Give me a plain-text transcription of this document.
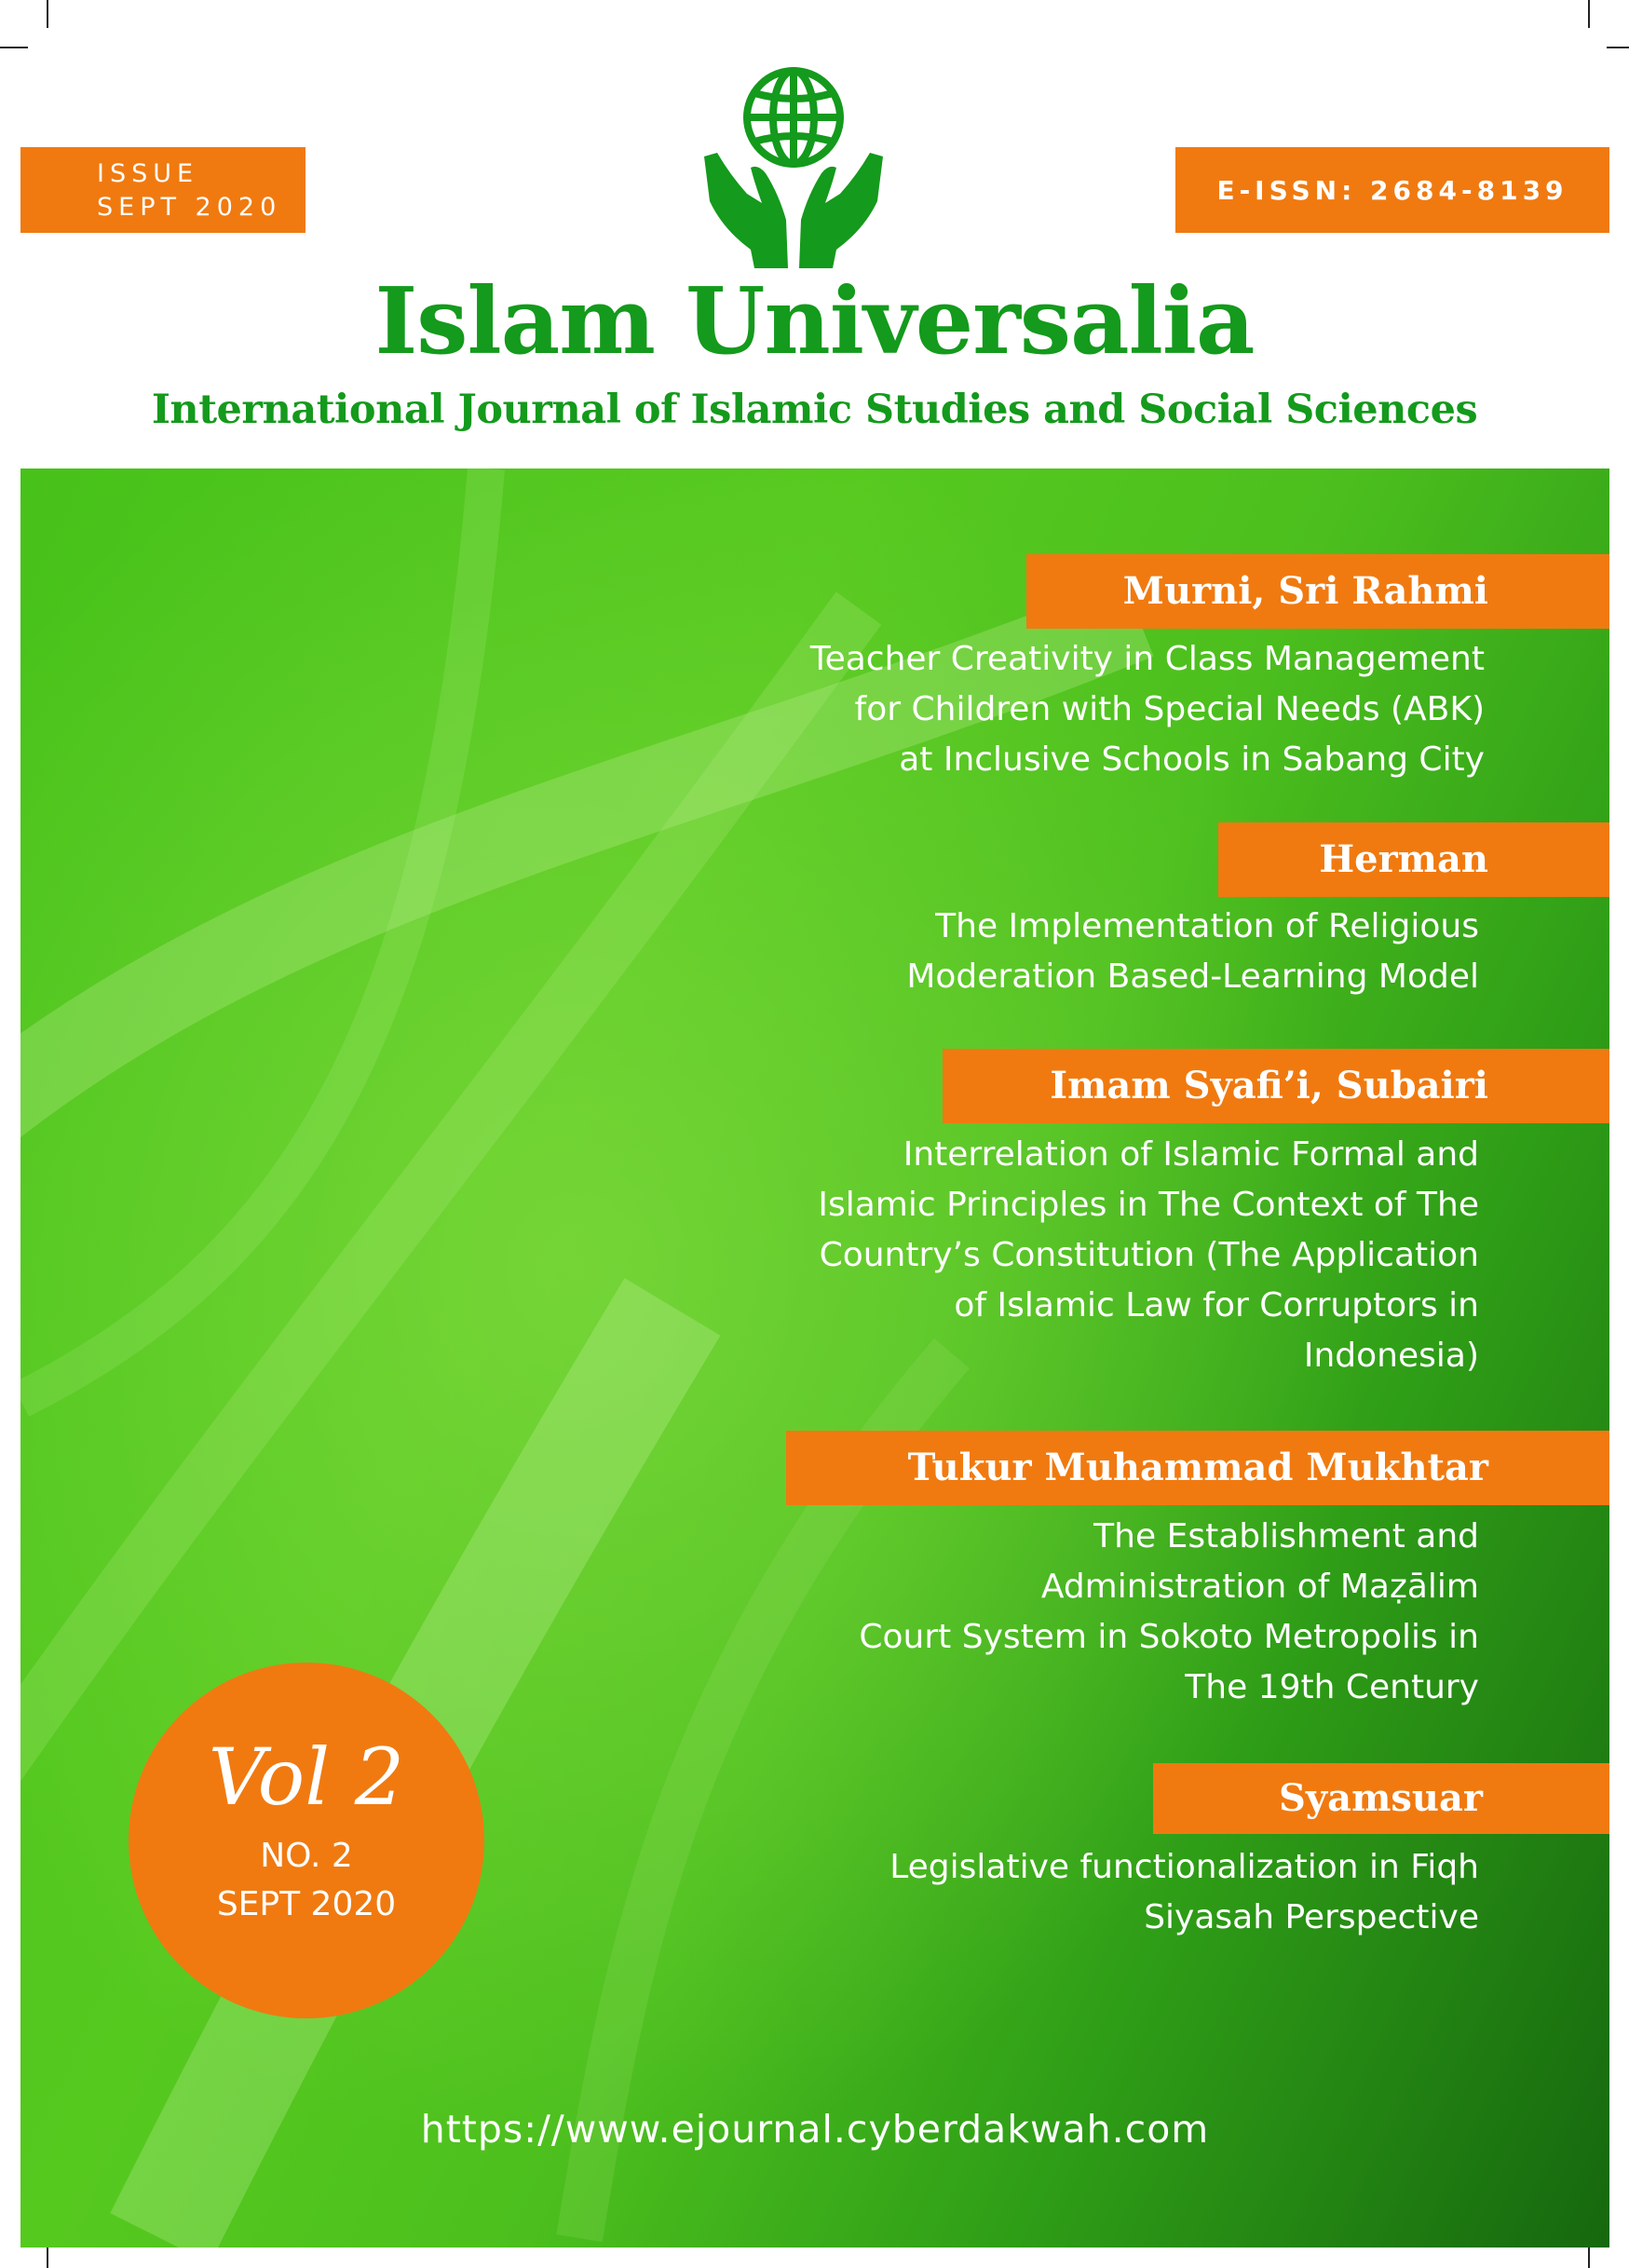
ISSUE
SEPT 2020
E-ISSN: 2684-8139
Islam Universalia
International Journal of Islamic Studies and Social Sciences
Murni, Sri Rahmi
Teacher Creativity in Class Management
for Children with Special Needs (ABK)
at Inclusive Schools in Sabang City
Herman
The Implementation of Religious
Moderation Based-Learning Model
Imam Syafi’i, Subairi
Interrelation of Islamic Formal and
Islamic Principles in The Context of The
Country’s Constitution (The Application
of Islamic Law for Corruptors in
Indonesia)
Tukur Muhammad Mukhtar
The Establishment and
Administration of Maẓālim
Court System in Sokoto Metropolis in
The 19th Century
Syamsuar
Legislative functionalization in Fiqh
Siyasah Perspective
Vol 2
NO. 2
SEPT 2020
https://www.ejournal.cyberdakwah.com
